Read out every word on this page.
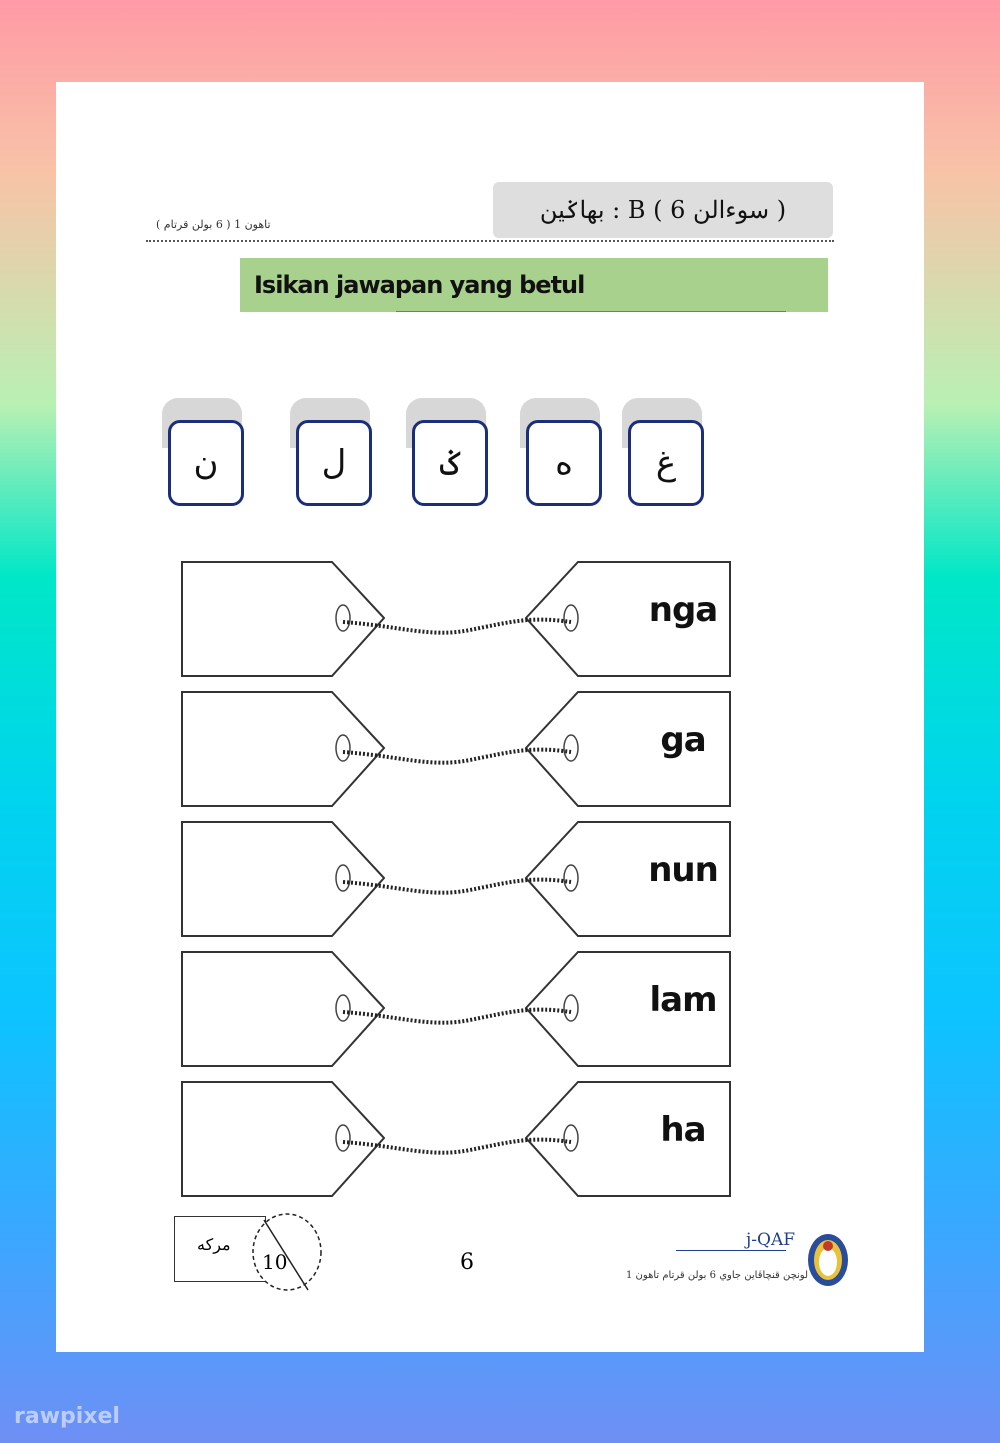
تاهون 1 ( 6 بولن قرتام )
بهاݢين : B ( سوءالن 6 )
Isikan jawapan yang betul
ن	ل	ݢ	ه	غ
nga
ga
nun
lam
ha
مركه
10	6
j-QAF
لونچن قنچاڤاين جاوي 6 بولن قرتام تاهون 1
rawpixel
